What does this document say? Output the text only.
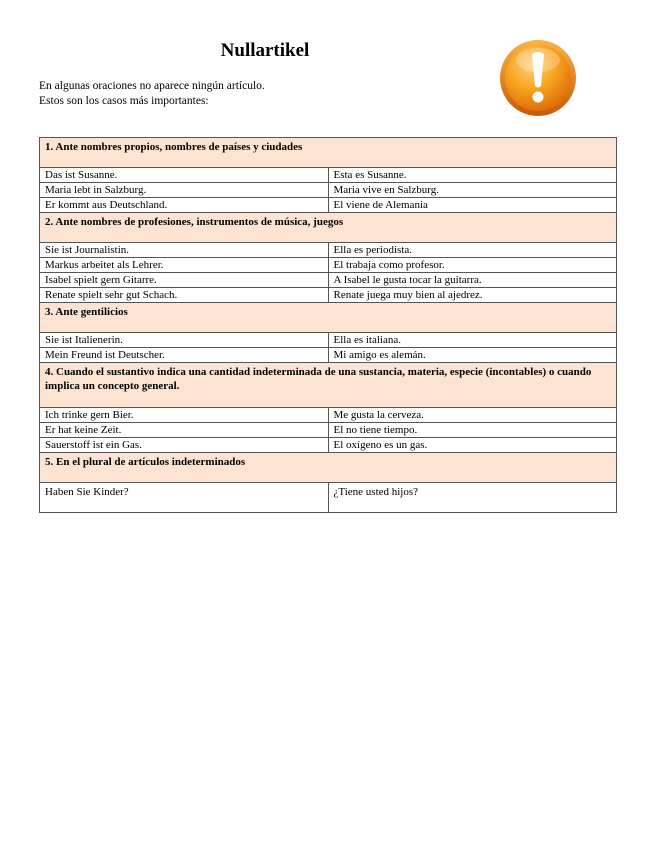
Nullartikel
En algunas oraciones no aparece ningún artículo.
Estos son los casos más importantes:
1. Ante nombres propios, nombres de países y ciudades	
Das ist Susanne.	Esta es Susanne.
Maria lebt in Salzburg.	Maria vive en Salzburg.
Er kommt aus Deutschland.	El viene de Alemania
2. Ante nombres de profesiones, instrumentos de música, juegos	
Sie ist Journalistin.	Ella es periodista.
Markus arbeitet als Lehrer.	El trabaja como profesor.
Isabel spielt gern Gitarre.	A Isabel le gusta tocar la guitarra.
Renate spielt sehr gut Schach.	Renate juega muy bien al ajedrez.
3. Ante gentilicios	
Sie ist Italienerin.	Ella es italiana.
Mein Freund ist Deutscher.	Mi amigo es alemán.
4. Cuando el sustantivo indica una cantidad indeterminada de una sustancia, materia, especie (incontables) o cuando implica un concepto general.	
Ich trinke gern Bier.	Me gusta la cerveza.
Er hat keine Zeit.	El no tiene tiempo.
Sauerstoff ist ein Gas.	El oxígeno es un gas.
5. En el plural de artículos indeterminados	
Haben Sie Kinder?	¿Tiene usted hijos?
